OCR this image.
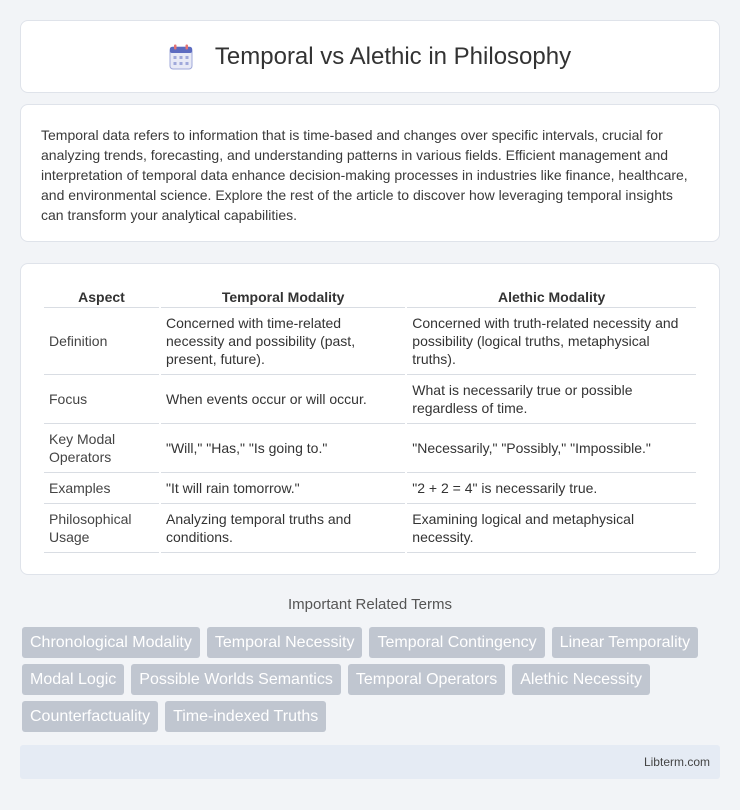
Temporal vs Alethic in Philosophy

Temporal data refers to information that is time-based and changes over specific intervals, crucial for analyzing trends, forecasting, and understanding patterns in various fields. Efficient management and interpretation of temporal data enhance decision-making processes in industries like finance, healthcare, and environmental science. Explore the rest of the article to discover how leveraging temporal insights can transform your analytical capabilities.

Aspect	Temporal Modality	Alethic Modality
Definition	Concerned with time-related necessity and possibility (past, present, future).	Concerned with truth-related necessity and possibility (logical truths, metaphysical truths).
Focus	When events occur or will occur.	What is necessarily true or possible regardless of time.
Key Modal Operators	"Will," "Has," "Is going to."	"Necessarily," "Possibly," "Impossible."
Examples	"It will rain tomorrow."	"2 + 2 = 4" is necessarily true.
Philosophical Usage	Analyzing temporal truths and conditions.	Examining logical and metaphysical necessity.
Important Related Terms
Chronological Modality	Temporal Necessity	Temporal Contingency	Linear Temporality
Modal Logic	Possible Worlds Semantics	Temporal Operators	Alethic Necessity
Counterfactuality	Time-indexed Truths
Libterm.com
